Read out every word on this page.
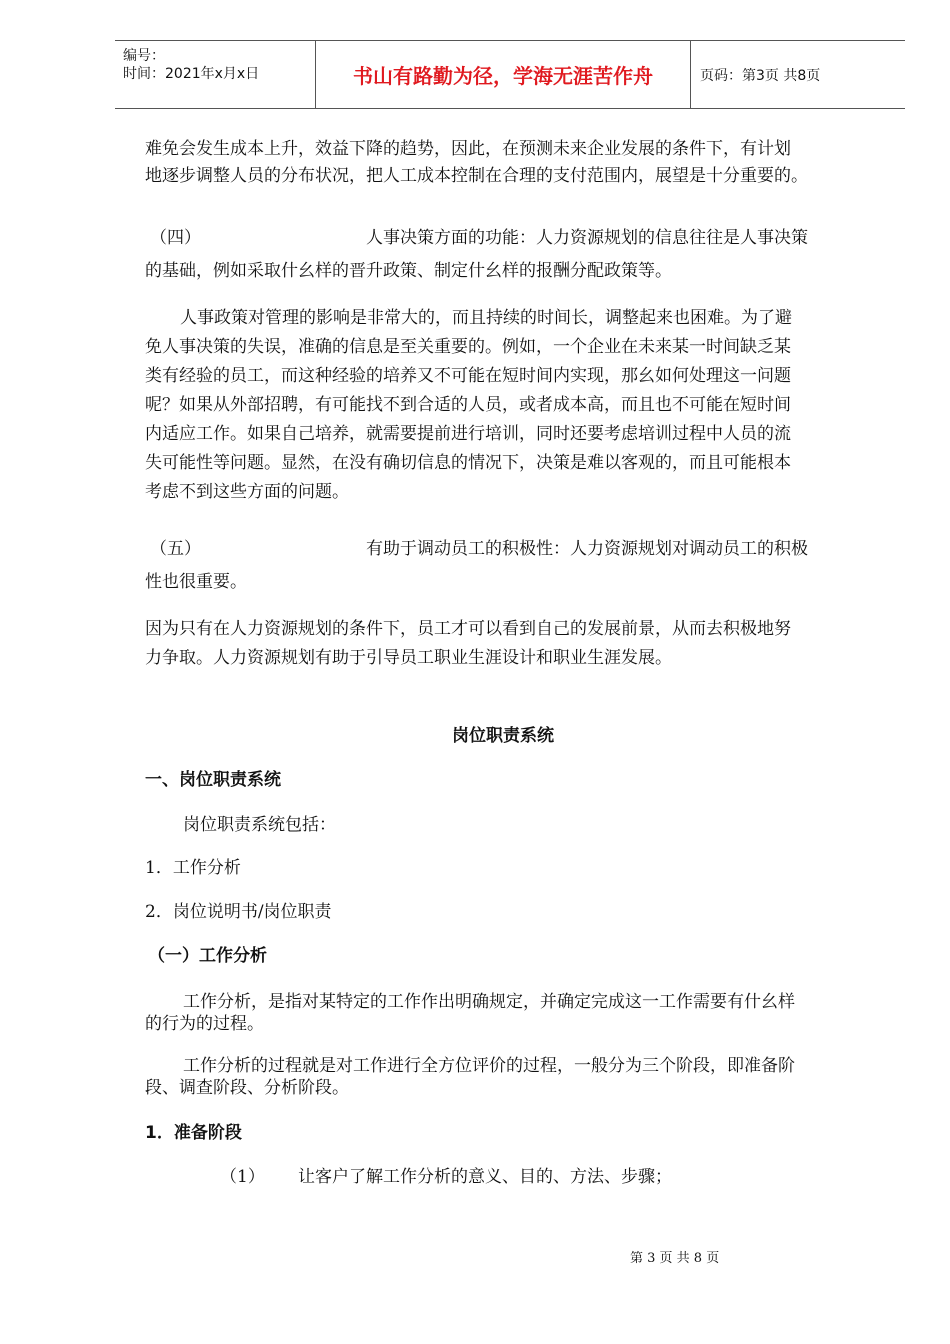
编号：
时间：2021年x月x日	书山有路勤为径，学海无涯苦作舟	页码：第3页 共8页
难免会发生成本上升，效益下降的趋势，因此，在预测未来企业发展的条件下，有计划
地逐步调整人员的分布状况，把人工成本控制在合理的支付范围内，展望是十分重要的。
（四）	人事决策方面的功能：人力资源规划的信息往往是人事决策
的基础，例如采取什幺样的晋升政策、制定什幺样的报酬分配政策等。
人事政策对管理的影响是非常大的，而且持续的时间长，调整起来也困难。为了避
免人事决策的失误，准确的信息是至关重要的。例如，一个企业在未来某一时间缺乏某
类有经验的员工，而这种经验的培养又不可能在短时间内实现，那幺如何处理这一问题
呢？如果从外部招聘，有可能找不到合适的人员，或者成本高，而且也不可能在短时间
内适应工作。如果自己培养，就需要提前进行培训，同时还要考虑培训过程中人员的流
失可能性等问题。显然，在没有确切信息的情况下，决策是难以客观的，而且可能根本
考虑不到这些方面的问题。
（五）	有助于调动员工的积极性：人力资源规划对调动员工的积极
性也很重要。
因为只有在人力资源规划的条件下，员工才可以看到自己的发展前景，从而去积极地努
力争取。人力资源规划有助于引导员工职业生涯设计和职业生涯发展。
岗位职责系统
一、岗位职责系统
岗位职责系统包括：
1．工作分析
2．岗位说明书/岗位职责
（一）工作分析
工作分析，是指对某特定的工作作出明确规定，并确定完成这一工作需要有什幺样
的行为的过程。
工作分析的过程就是对工作进行全方位评价的过程，一般分为三个阶段，即准备阶
段、调查阶段、分析阶段。
1．准备阶段
（1） 让客户了解工作分析的意义、目的、方法、步骤；
第 3 页 共 8 页
